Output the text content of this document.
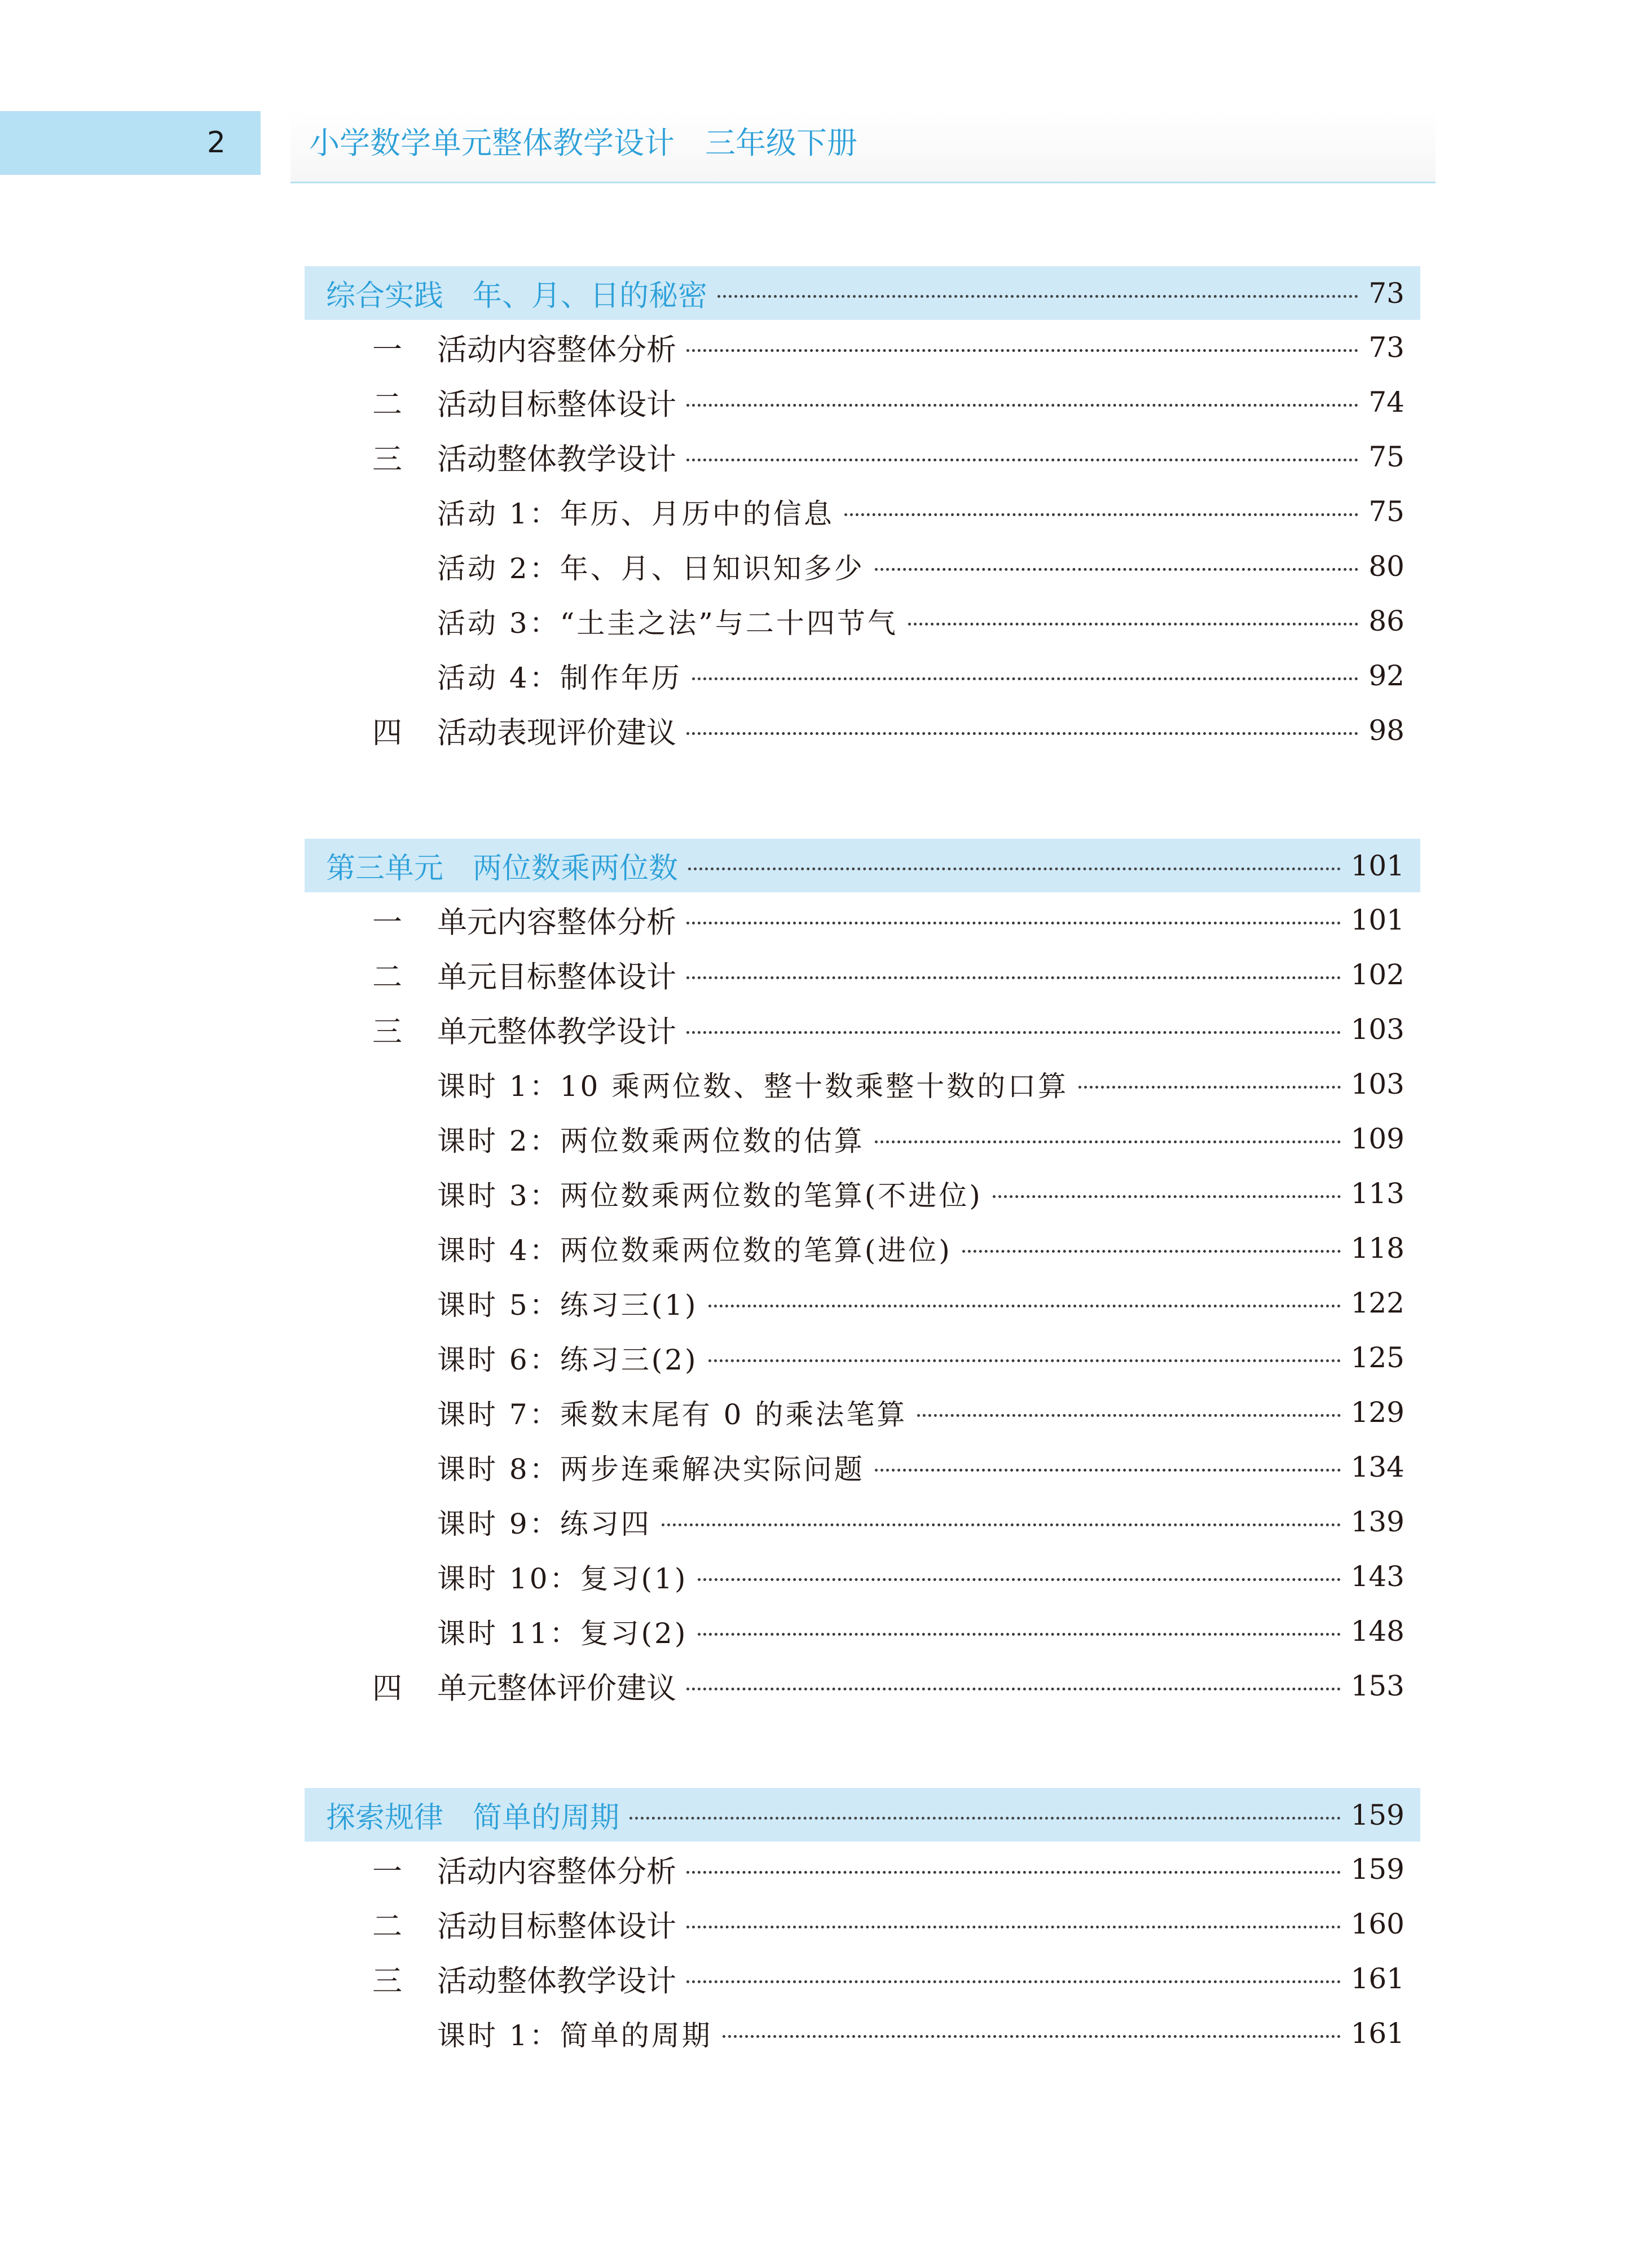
2	小学数学单元整体教学设计　三年级下册
综合实践　年、月、日的秘密	73
一	活动内容整体分析	73
二	活动目标整体设计	74
三	活动整体教学设计	75
活动 1：年历、月历中的信息	75
活动 2：年、月、日知识知多少	80
活动 3：“土圭之法”与二十四节气	86
活动 4：制作年历	92
四	活动表现评价建议	98
第三单元　两位数乘两位数	101
一	单元内容整体分析	101
二	单元目标整体设计	102
三	单元整体教学设计	103
课时 1：10 乘两位数、整十数乘整十数的口算	103
课时 2：两位数乘两位数的估算	109
课时 3：两位数乘两位数的笔算(不进位)	113
课时 4：两位数乘两位数的笔算(进位)	118
课时 5：练习三(1)	122
课时 6：练习三(2)	125
课时 7：乘数末尾有 0 的乘法笔算	129
课时 8：两步连乘解决实际问题	134
课时 9：练习四	139
课时 10：复习(1)	143
课时 11：复习(2)	148
四	单元整体评价建议	153
探索规律　简单的周期	159
一	活动内容整体分析	159
二	活动目标整体设计	160
三	活动整体教学设计	161
课时 1：简单的周期	161
